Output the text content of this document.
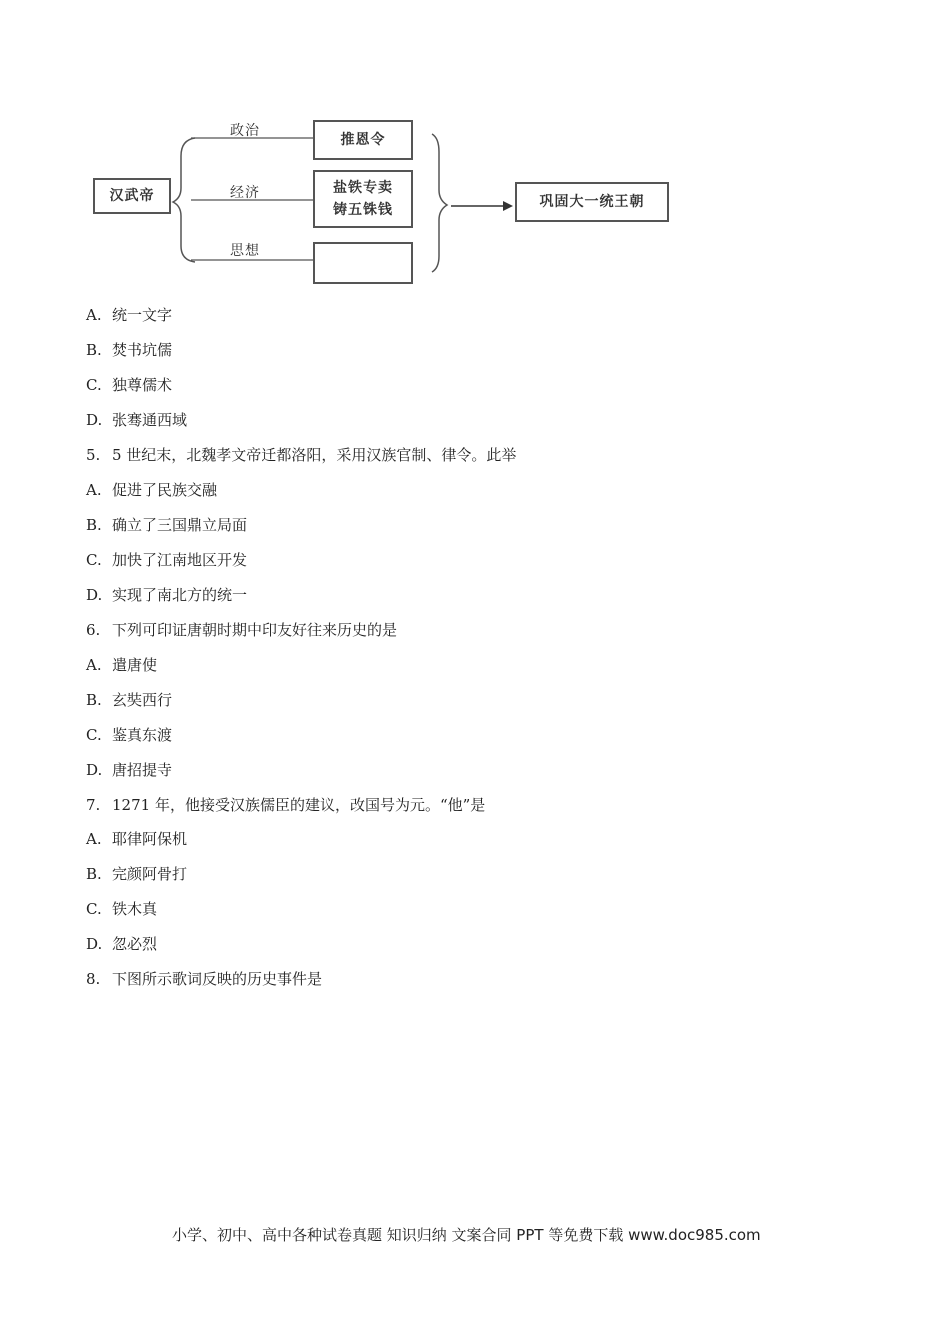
汉武帝
政治
经济
思想
推恩令
盐铁专卖
铸五铢钱	巩固大一统王朝
A. 统一文字
B. 焚书坑儒
C. 独尊儒术
D. 张骞通西域
5. 5 世纪末，北魏孝文帝迁都洛阳，采用汉族官制、律令。此举
A. 促进了民族交融
B. 确立了三国鼎立局面
C. 加快了江南地区开发
D. 实现了南北方的统一
6. 下列可印证唐朝时期中印友好往来历史的是
A. 遣唐使
B. 玄奘西行
C. 鉴真东渡
D. 唐招提寺
7. 1271 年，他接受汉族儒臣的建议，改国号为元。“他”是
A. 耶律阿保机
B. 完颜阿骨打
C. 铁木真
D. 忽必烈
8. 下图所示歌词反映的历史事件是
小学、初中、高中各种试卷真题 知识归纳 文案合同 PPT 等免费下载 www.doc985.com
